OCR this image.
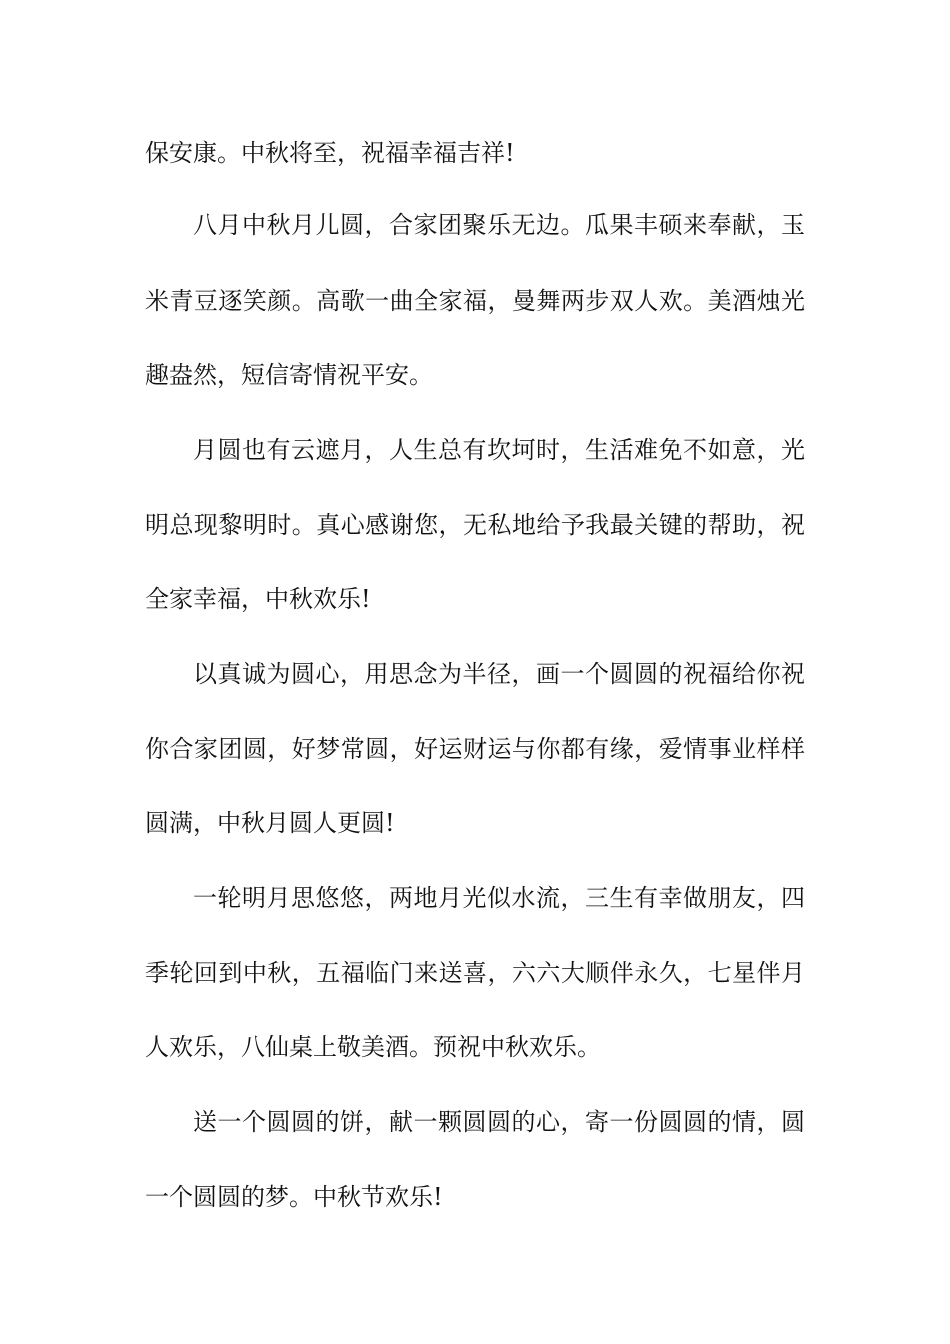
保安康。中秋将至，祝福幸福吉祥!
八月中秋月儿圆，合家团聚乐无边。瓜果丰硕来奉献，玉
米青豆逐笑颜。高歌一曲全家福，曼舞两步双人欢。美酒烛光
趣盎然，短信寄情祝平安。
月圆也有云遮月，人生总有坎坷时，生活难免不如意，光
明总现黎明时。真心感谢您，无私地给予我最关键的帮助，祝
全家幸福，中秋欢乐!
以真诚为圆心，用思念为半径，画一个圆圆的祝福给你祝
你合家团圆，好梦常圆，好运财运与你都有缘，爱情事业样样
圆满，中秋月圆人更圆!
一轮明月思悠悠，两地月光似水流，三生有幸做朋友，四
季轮回到中秋，五福临门来送喜，六六大顺伴永久，七星伴月
人欢乐，八仙桌上敬美酒。预祝中秋欢乐。
送一个圆圆的饼，献一颗圆圆的心，寄一份圆圆的情，圆
一个圆圆的梦。中秋节欢乐!
